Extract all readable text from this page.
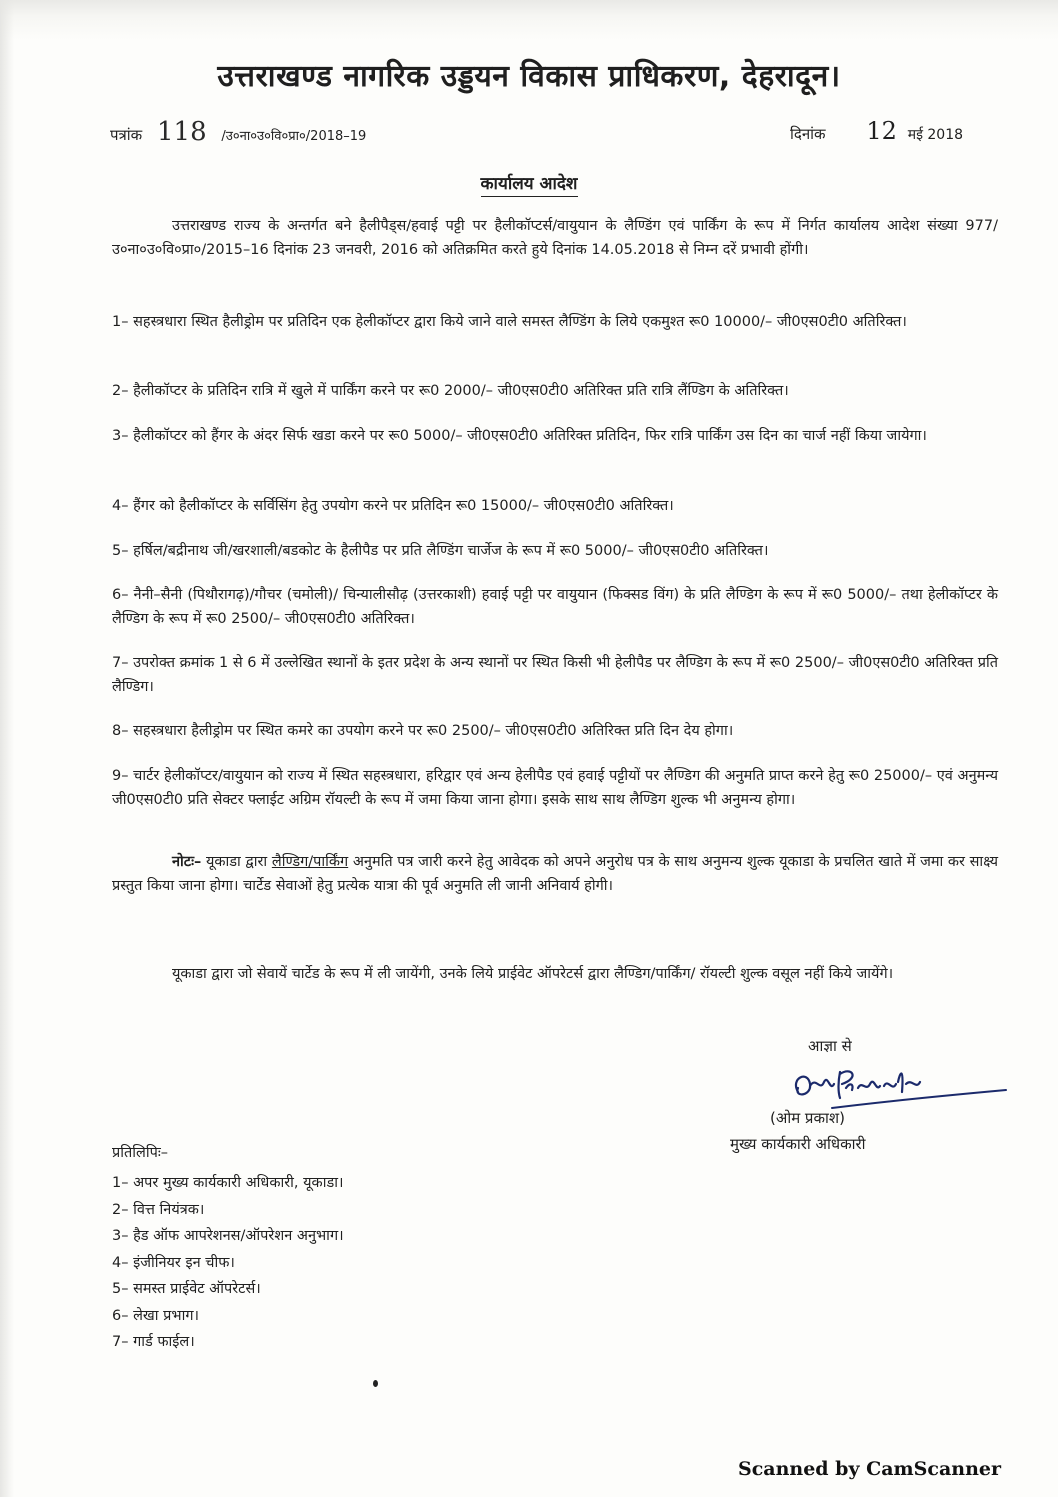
उत्तराखण्ड नागरिक उड्डयन विकास प्राधिकरण, देहरादून।
पत्रांक 118 /उ०ना०उ०वि०प्रा०/2018–19	दिनांक 12 मई 2018
कार्यालय आदेश
उत्तराखण्ड राज्य के अन्तर्गत बने हैलीपैड्स/हवाई पट्टी पर हैलीकॉप्टर्स/वायुयान के लैण्डिंग एवं पार्किंग के रूप में निर्गत कार्यालय आदेश संख्या 977/उ०ना०उ०वि०प्रा०/2015–16 दिनांक 23 जनवरी, 2016 को अतिक्रमित करते हुये दिनांक 14.05.2018 से निम्न दरें प्रभावी होंगी।

1– सहस्त्रधारा स्थित हैलीड्रोम पर प्रतिदिन एक हेलीकॉप्टर द्वारा किये जाने वाले समस्त लैण्डिंग के लिये एकमुश्त रू0 10000/– जी0एस0टी0 अतिरिक्त।

2– हैलीकॉप्टर के प्रतिदिन रात्रि में खुले में पार्किंग करने पर रू0 2000/– जी0एस0टी0 अतिरिक्त प्रति रात्रि लैंण्डिग के अतिरिक्त।

3– हैलीकॉप्टर को हैंगर के अंदर सिर्फ खडा करने पर रू0 5000/– जी0एस0टी0 अतिरिक्त प्रतिदिन, फिर रात्रि पार्किंग उस दिन का चार्ज नहीं किया जायेगा।

4– हैंगर को हैलीकॉप्टर के सर्विसिंग हेतु उपयोग करने पर प्रतिदिन रू0 15000/– जी0एस0टी0 अतिरिक्त।

5– हर्षिल/बद्रीनाथ जी/खरशाली/बडकोट के हैलीपैड पर प्रति लैण्डिंग चार्जेज के रूप में रू0 5000/– जी0एस0टी0 अतिरिक्त।

6– नैनी–सैनी (पिथौरागढ़)/गौचर (चमोली)/ चिन्यालीसौढ़ (उत्तरकाशी) हवाई पट्टी पर वायुयान (फिक्सड विंग) के प्रति लैण्डिग के रूप में रू0 5000/– तथा हेलीकॉप्टर के लैण्डिग के रूप में रू0 2500/– जी0एस0टी0 अतिरिक्त।

7– उपरोक्त क्रमांक 1 से 6 में उल्लेखित स्थानों के इतर प्रदेश के अन्य स्थानों पर स्थित किसी भी हेलीपैड पर लैण्डिग के रूप में रू0 2500/– जी0एस0टी0 अतिरिक्त प्रति लैण्डिग।

8– सहस्त्रधारा हैलीड्रोम पर स्थित कमरे का उपयोग करने पर रू0 2500/– जी0एस0टी0 अतिरिक्त प्रति दिन देय होगा।

9– चार्टर हेलीकॉप्टर/वायुयान को राज्य में स्थित सहस्त्रधारा, हरिद्वार एवं अन्य हेलीपैड एवं हवाई पट्टीयों पर लैण्डिग की अनुमति प्राप्त करने हेतु रू0 25000/– एवं अनुमन्य जी0एस0टी0 प्रति सेक्टर फ्लाईट अग्रिम रॉयल्टी के रूप में जमा किया जाना होगा। इसके साथ साथ लैण्डिग शुल्क भी अनुमन्य होगा।

नोटः– यूकाडा द्वारा लैण्डिग/पार्किंग अनुमति पत्र जारी करने हेतु आवेदक को अपने अनुरोध पत्र के साथ अनुमन्य शुल्क यूकाडा के प्रचलित खाते में जमा कर साक्ष्य प्रस्तुत किया जाना होगा। चार्टेड सेवाओं हेतु प्रत्येक यात्रा की पूर्व अनुमति ली जानी अनिवार्य होगी।
यूकाडा द्वारा जो सेवायें चार्टेड के रूप में ली जायेंगी, उनके लिये प्राईवेट ऑपरेटर्स द्वारा लैण्डिग/पार्किंग/ रॉयल्टी शुल्क वसूल नहीं किये जायेंगे।
आज्ञा से
(ओम प्रकाश)
मुख्य कार्यकारी अधिकारी
प्रतिलिपिः–
1– अपर मुख्य कार्यकारी अधिकारी, यूकाडा।
2– वित्त नियंत्रक।
3– हैड ऑफ आपरेशनस/ऑपरेशन अनुभाग।
4– इंजीनियर इन चीफ।
5– समस्त प्राईवेट ऑपरेटर्स।
6– लेखा प्रभाग।
7– गार्ड फाईल।
Scanned by CamScanner
